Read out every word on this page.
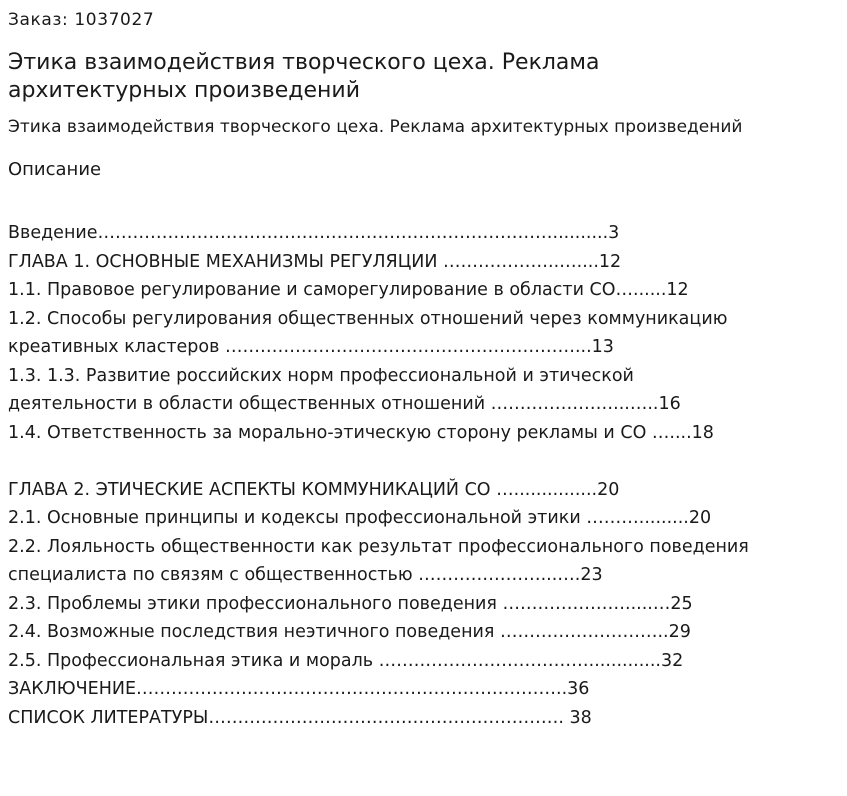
Заказ: 1037027
Этика взаимодействия творческого цеха. Реклама архитектурных произведений
Этика взаимодействия творческого цеха. Реклама архитектурных произведений
Описание
Введение……………………………………………………………………..........3
ГЛАВА 1. ОСНОВНЫЕ МЕХАНИЗМЫ РЕГУЛЯЦИИ ………………..…....12
1.1. Правовое регулирование и саморегулирование в области СО…......12
1.2. Способы регулирования общественных отношений через коммуникацию
креативных кластеров ……………………………………………………...13
1.3. 1.3. Развитие российских норм профессиональной и этической
деятельности в области общественных отношений …………………...…..16
1.4. Ответственность за морально-этическую сторону рекламы и СО …....18
ГЛАВА 2. ЭТИЧЕСКИЕ АСПЕКТЫ КОММУНИКАЦИЙ СО …...............20
2.1. Основные принципы и кодексы профессиональной этики ……….........20
2.2. Лояльность общественности как результат профессионального поведения
специалиста по связям с общественностью …………………...….23
2.3. Проблемы этики профессионального поведения ………………….....…25
2.4. Возможные последствия неэтичного поведения ………………………..29
2.5. Профессиональная этика и мораль ……………………………….............32
ЗАКЛЮЧЕНИЕ………………………………………………………………..36
СПИСОК ЛИТЕРАТУРЫ……………………………………………………. 38
